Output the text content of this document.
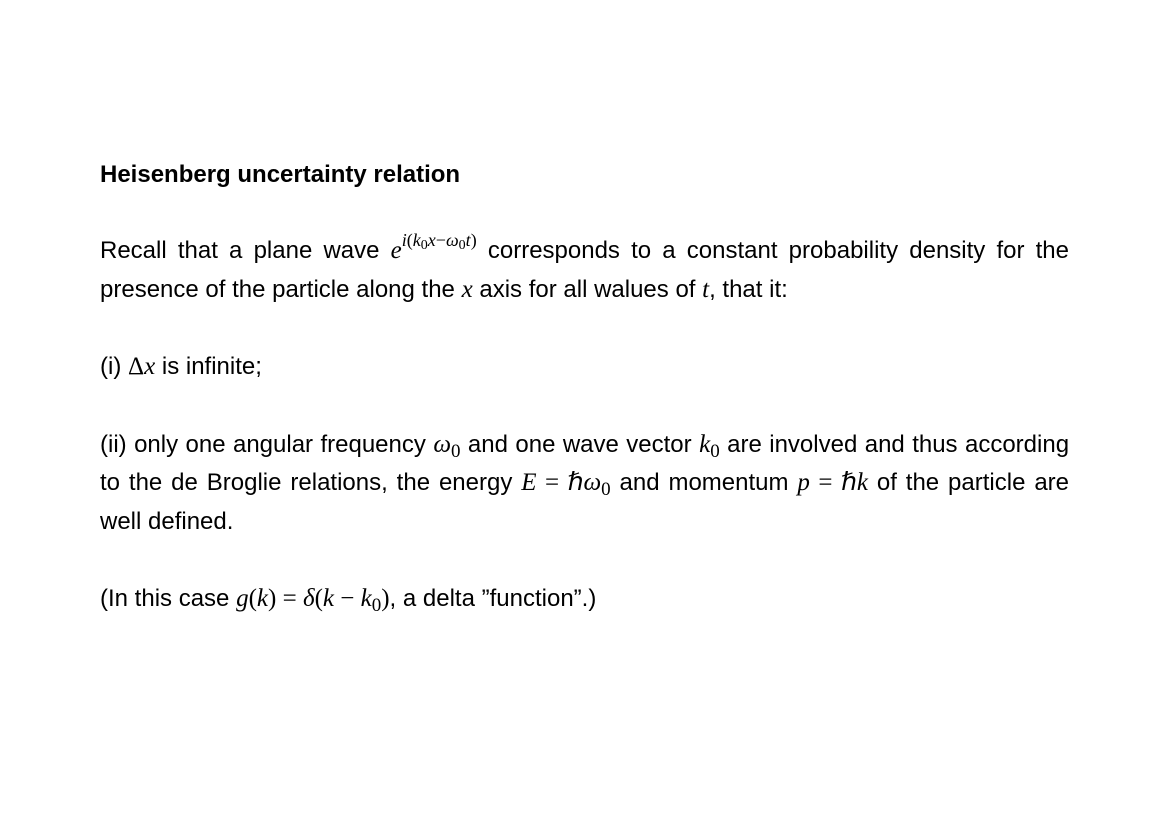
Heisenberg uncertainty relation

Recall that a plane wave $e^{i(k0x-\omega 0t)}$ corresponds to a constant probability density for the presence of the particle along the x axis for all walues of t, that it:

(i) Δx is infinite;

(ii) only one angular frequency $\omega_0$ and one wave vector $k_0$ are involved and thus according to the de Broglie relations, the energy E = ℏω$_0$ and momentum p = ℏk of the particle are well defined.

(In this case $g(k) = \delta(k - k_0)$, a delta ”function”.)
